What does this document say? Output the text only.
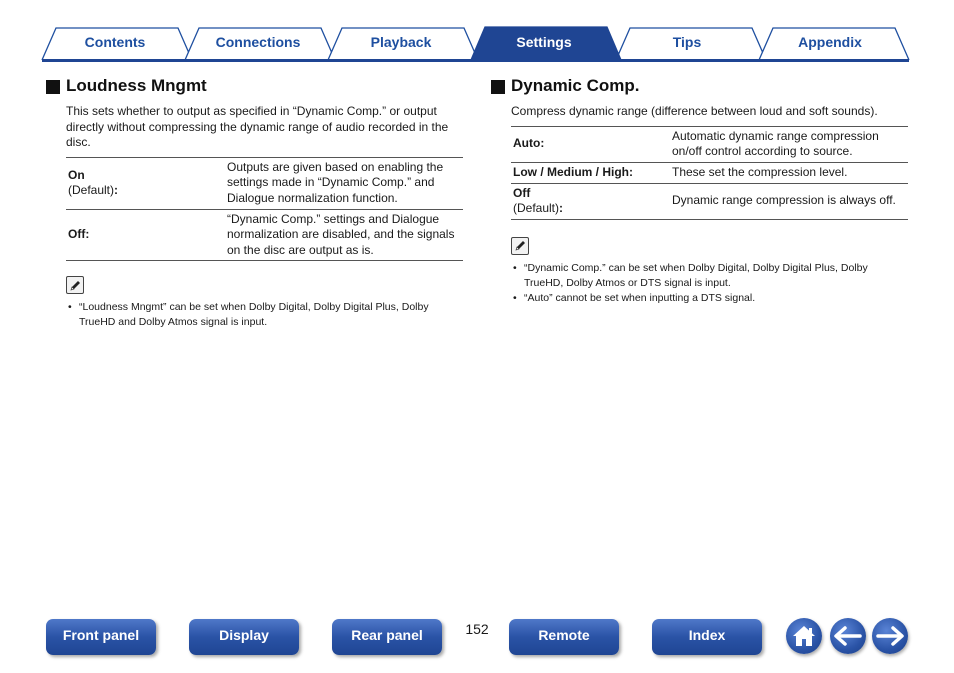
Contents	Connections	Playback	Settings	Tips	Appendix
Loudness Mngmt

This sets whether to output as specified in “Dynamic Comp.” or output directly without compressing the dynamic range of audio recorded in the disc.

On
(Default):	Outputs are given based on enabling the settings made in “Dynamic Comp.” and Dialogue normalization function.
Off:	“Dynamic Comp.” settings and Dialogue normalization are disabled, and the signals on the disc are output as is.
• “Loudness Mngmt” can be set when Dolby Digital, Dolby Digital Plus, Dolby TrueHD and Dolby Atmos signal is input.
Dynamic Comp.

Compress dynamic range (difference between loud and soft sounds).

Auto:	Automatic dynamic range compression on/off control according to source.
Low / Medium / High:	These set the compression level.

Off
(Default):	Dynamic range compression is always off.
• “Dynamic Comp.” can be set when Dolby Digital, Dolby Digital Plus, Dolby TrueHD, Dolby Atmos or DTS signal is input.
• “Auto” cannot be set when inputting a DTS signal.
Front panel	Display	Rear panel	152	Remote	Index
